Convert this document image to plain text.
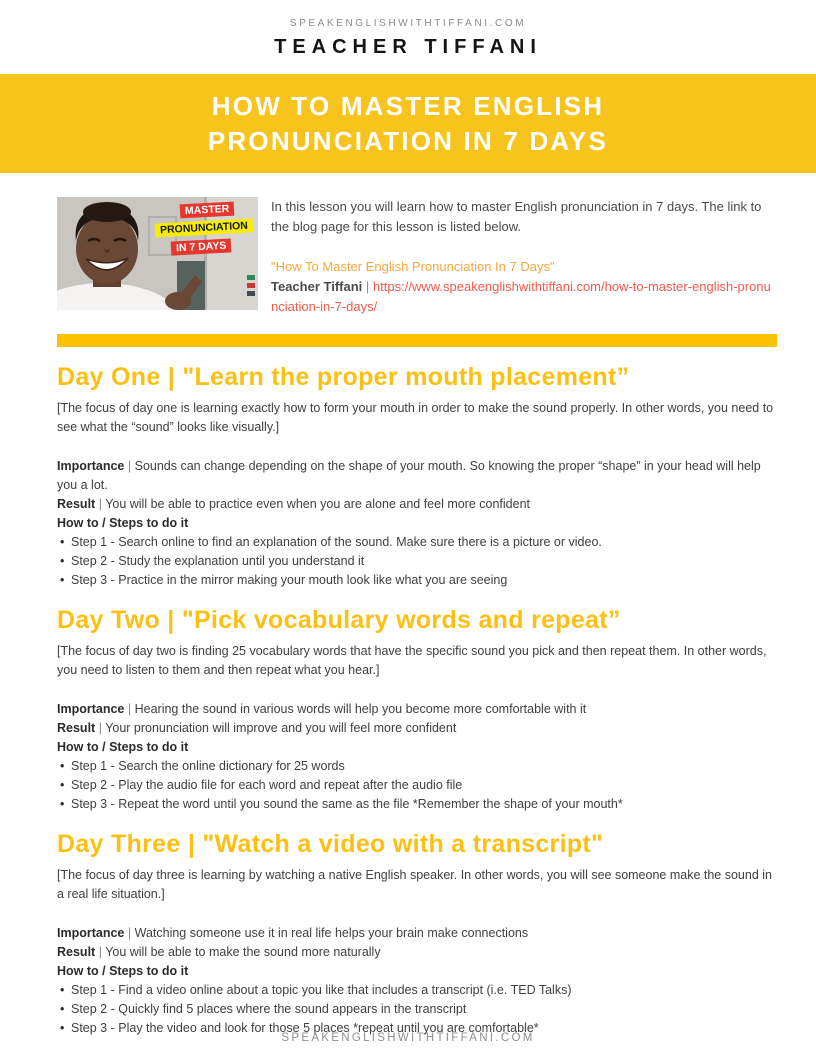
SPEAKENGLISHWITHTIFFANI.COM
TEACHER TIFFANI
HOW TO MASTER ENGLISH
PRONUNCIATION IN 7 DAYS
MASTER
PRONUNCIATION
IN 7 DAYS
In this lesson you will learn how to master English pronunciation in 7 days. The link to the blog page for this lesson is listed below.
"How To Master English Pronunciation In 7 Days"
Teacher Tiffani | https://www.speakenglishwithtiffani.com/how-to-master-english-pronunciation-in-7-days/
Day One | "Learn the proper mouth placement”
[The focus of day one is learning exactly how to form your mouth in order to make the sound properly. In other words, you need to see what the “sound” looks like visually.]
Importance | Sounds can change depending on the shape of your mouth. So knowing the proper “shape” in your head will help you a lot.
Result | You will be able to practice even when you are alone and feel more confident
How to / Steps to do it
• Step 1 - Search online to find an explanation of the sound. Make sure there is a picture or video.
• Step 2 - Study the explanation until you understand it
• Step 3 - Practice in the mirror making your mouth look like what you are seeing
Day Two | "Pick vocabulary words and repeat”
[The focus of day two is finding 25 vocabulary words that have the specific sound you pick and then repeat them. In other words, you need to listen to them and then repeat what you hear.]
Importance | Hearing the sound in various words will help you become more comfortable with it
Result | Your pronunciation will improve and you will feel more confident
How to / Steps to do it
• Step 1 - Search the online dictionary for 25 words
• Step 2 - Play the audio file for each word and repeat after the audio file
• Step 3 - Repeat the word until you sound the same as the file *Remember the shape of your mouth*
Day Three | "Watch a video with a transcript"
[The focus of day three is learning by watching a native English speaker. In other words, you will see someone make the sound in a real life situation.]
Importance | Watching someone use it in real life helps your brain make connections
Result | You will be able to make the sound more naturally
How to / Steps to do it
• Step 1 - Find a video online about a topic you like that includes a transcript (i.e. TED Talks)
• Step 2 - Quickly find 5 places where the sound appears in the transcript
• Step 3 - Play the video and look for those 5 places *repeat until you are comfortable*
SPEAKENGLISHWITHTIFFANI.COM
